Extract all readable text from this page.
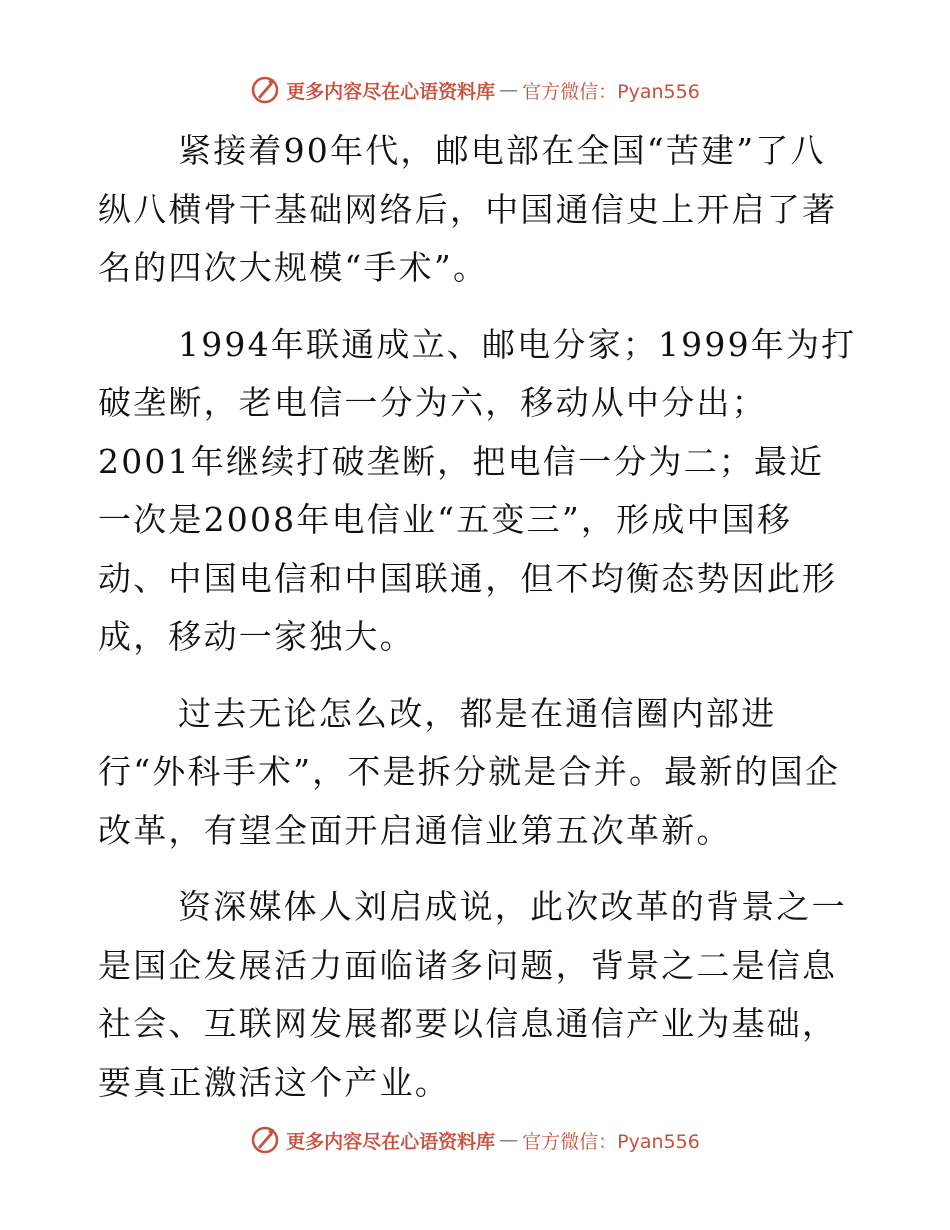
更多内容尽在心语资料库 — 官方微信：Pyan556

紧接着90年代，邮电部在全国“苦建”了八纵八横骨干基础网络后，中国通信史上开启了著名的四次大规模“手术”。

1994年联通成立、邮电分家；1999年为打破垄断，老电信一分为六，移动从中分出；2001年继续打破垄断，把电信一分为二；最近一次是2008年电信业“五变三”，形成中国移动、中国电信和中国联通，但不均衡态势因此形成，移动一家独大。

过去无论怎么改，都是在通信圈内部进行“外科手术”，不是拆分就是合并。最新的国企改革，有望全面开启通信业第五次革新。

资深媒体人刘启成说，此次改革的背景之一是国企发展活力面临诸多问题，背景之二是信息社会、互联网发展都要以信息通信产业为基础，要真正激活这个产业。

更多内容尽在心语资料库 — 官方微信：Pyan556
